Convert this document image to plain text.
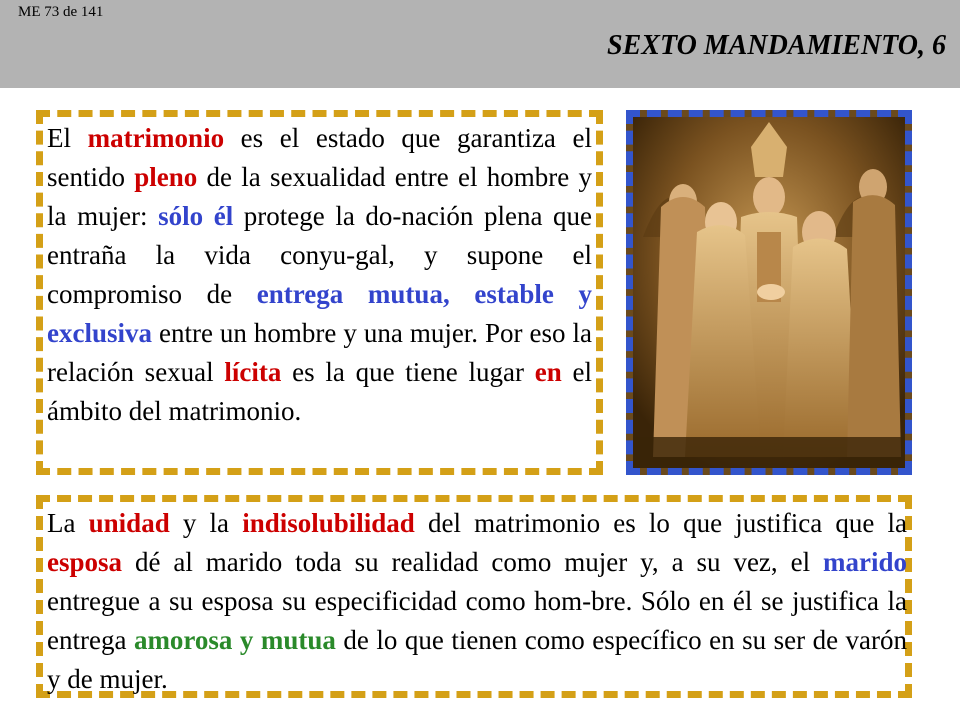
ME 73 de 141
SEXTO MANDAMIENTO, 6

El matrimonio es el estado que garantiza el sentido pleno de la sexualidad entre el hombre y la mujer: sólo él protege la do-nación plena que entraña la vida conyu-gal, y supone el compromiso de entrega mutua, estable y exclusiva entre un hombre y una mujer. Por eso la relación sexual lícita es la que tiene lugar en el ámbito del matrimonio.

La unidad y la indisolubilidad del matrimonio es lo que justifica que la esposa dé al marido toda su realidad como mujer y, a su vez, el marido entregue a su esposa su especificidad como hom-bre. Sólo en él se justifica la entrega amorosa y mutua de lo que tienen como específico en su ser de varón y de mujer.
